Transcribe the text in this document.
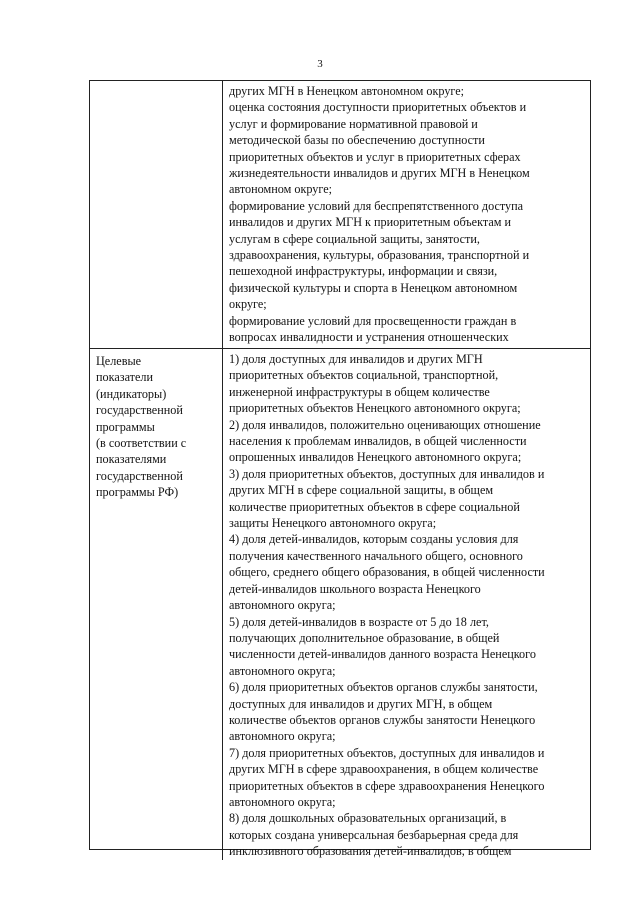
3
других МГН в Ненецком автономном округе;
оценка состояния доступности приоритетных объектов и
услуг и формирование нормативной правовой и
методической базы по обеспечению доступности
приоритетных объектов и услуг в приоритетных сферах
жизнедеятельности инвалидов и других МГН в Ненецком
автономном округе;
формирование условий для беспрепятственного доступа
инвалидов и других МГН к приоритетным объектам и
услугам в сфере социальной защиты, занятости,
здравоохранения, культуры, образования, транспортной и
пешеходной инфраструктуры, информации и связи,
физической культуры и спорта в Ненецком автономном
округе;
формирование условий для просвещенности граждан в
вопросах инвалидности и устранения отношенческих
Целевые
показатели
(индикаторы)
государственной
программы
(в соответствии с
показателями
государственной
программы РФ)
1) доля доступных для инвалидов и других МГН
приоритетных объектов социальной, транспортной,
инженерной инфраструктуры в общем количестве
приоритетных объектов Ненецкого автономного округа;
2) доля инвалидов, положительно оценивающих отношение
населения к проблемам инвалидов, в общей численности
опрошенных инвалидов Ненецкого автономного округа;
3) доля приоритетных объектов, доступных для инвалидов и
других МГН в сфере социальной защиты, в общем
количестве приоритетных объектов в сфере социальной
защиты Ненецкого автономного округа;
4) доля детей-инвалидов, которым созданы условия для
получения качественного начального общего, основного
общего, среднего общего образования, в общей численности
детей-инвалидов школьного возраста Ненецкого
автономного округа;
5) доля детей-инвалидов в возрасте от 5 до 18 лет,
получающих дополнительное образование, в общей
численности детей-инвалидов данного возраста Ненецкого
автономного округа;
6) доля приоритетных объектов органов службы занятости,
доступных для инвалидов и других МГН, в общем
количестве объектов органов службы занятости Ненецкого
автономного округа;
7) доля приоритетных объектов, доступных для инвалидов и
других МГН в сфере здравоохранения, в общем количестве
приоритетных объектов в сфере здравоохранения Ненецкого
автономного округа;
8) доля дошкольных образовательных организаций, в
которых создана универсальная безбарьерная среда для
инклюзивного образования детей-инвалидов, в общем
